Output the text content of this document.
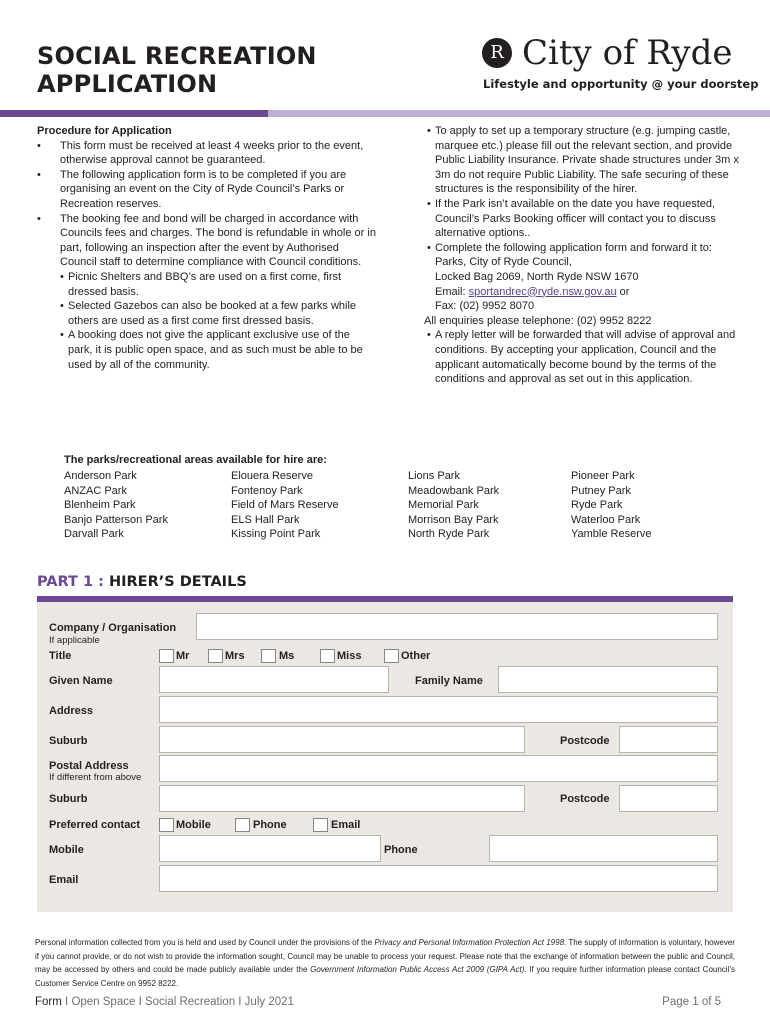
SOCIAL RECREATION
APPLICATION
R City of Ryde
Lifestyle and opportunity @ your doorstep
Procedure for Application
• This form must be received at least 4 weeks prior to the event, otherwise approval cannot be guaranteed.
• The following application form is to be completed if you are organising an event on the City of Ryde Council’s Parks or Recreation reserves.
• The booking fee and bond will be charged in accordance with Councils fees and charges. The bond is refundable in whole or in part, following an inspection after the event by Authorised Council staff to determine compliance with Council conditions.
• Picnic Shelters and BBQ’s are used on a first come, first dressed basis.
• Selected Gazebos can also be booked at a few parks while others are used as a first come first dressed basis.
• A booking does not give the applicant exclusive use of the park, it is public open space, and as such must be able to be used by all of the community.
• To apply to set up a temporary structure (e.g. jumping castle, marquee etc.) please fill out the relevant section, and provide Public Liability Insurance. Private shade structures under 3m x 3m do not require Public Liability. The safe securing of these structures is the responsibility of the hirer.
• If the Park isn’t available on the date you have requested, Council’s Parks Booking officer will contact you to discuss alternative options..
• Complete the following application form and forward it to:
Parks, City of Ryde Council,
Locked Bag 2069, North Ryde NSW 1670
Email: sportandrec@ryde.nsw.gov.au or
Fax: (02) 9952 8070
All enquiries please telephone: (02) 9952 8222
• A reply letter will be forwarded that will advise of approval and conditions. By accepting your application, Council and the applicant automatically become bound by the terms of the conditions and approval as set out in this application.
The parks/recreational areas available for hire are:
Anderson Park
ANZAC Park
Blenheim Park
Banjo Patterson Park
Darvall Park
Elouera Reserve
Fontenoy Park
Field of Mars Reserve
ELS Hall Park
Kissing Point Park
Lions Park
Meadowbank Park
Memorial Park
Morrison Bay Park
North Ryde Park
Pioneer Park
Putney Park
Ryde Park
Waterloo Park
Yamble Reserve
PART 1 : HIRER’S DETAILS
Company / Organisation
If applicable
Title	Mr	Mrs	Ms	Miss	Other
Given Name	Family Name
Address
Suburb	Postcode
Postal Address
If different from above
Suburb	Postcode
Preferred contact	Mobile	Phone	Email
Mobile	Phone
Email
Personal information collected from you is held and used by Council under the provisions of the Privacy and Personal Information Protection Act 1998. The supply of information is voluntary, however if you cannot provide, or do not wish to provide the information sought, Council may be unable to process your request. Please note that the exchange of information between the public and Council, may be accessed by others and could be made publicly available under the Government Information Public Access Act 2009 (GIPA Act). If you require further information please contact Council’s Customer Service Centre on 9952 8222.
Form I Open Space I Social Recreation I July 2021	Page 1 of 5
